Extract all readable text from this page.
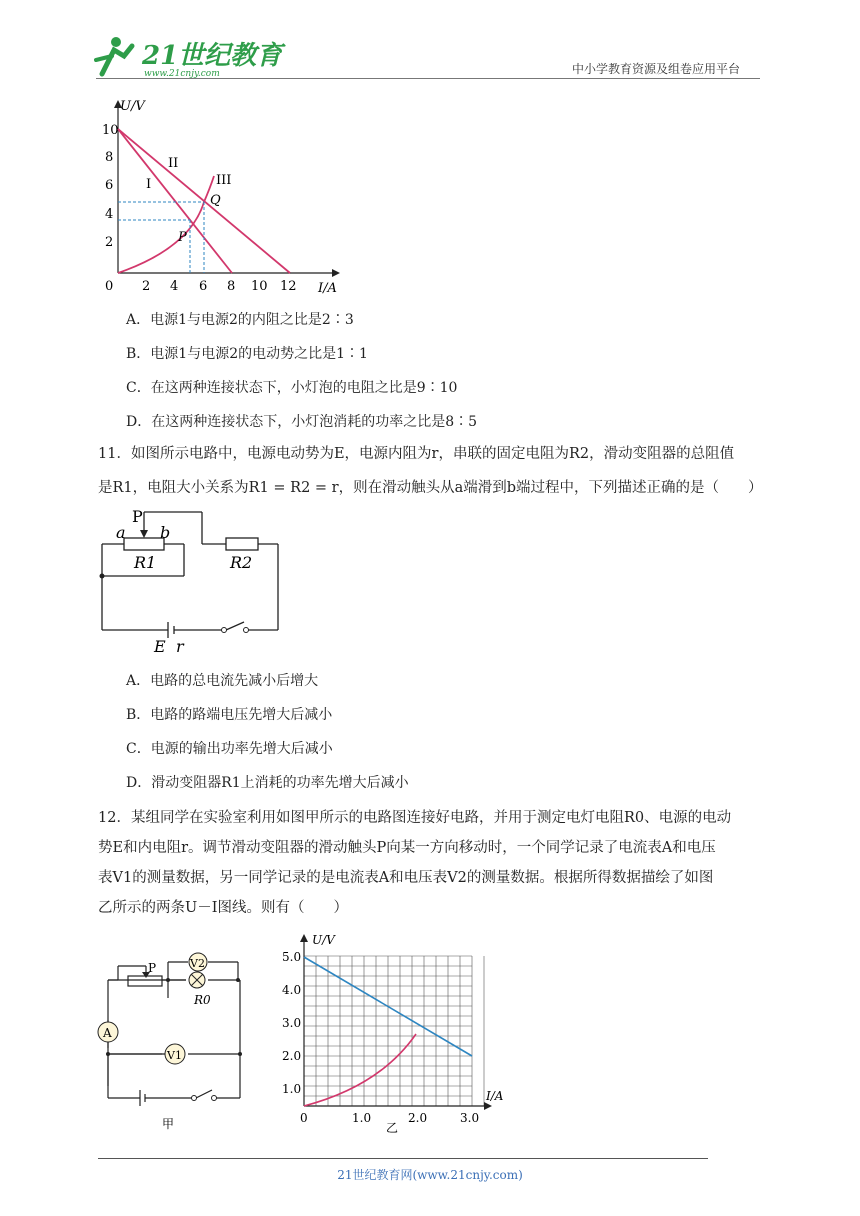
21世纪教育
www.21cnjy.com	中小学教育资源及组卷应用平台
U/V
I/A
10
8
6
4
2
0 2 4 6 8 10 12
I
II
III
Q
P
A．电源1与电源2的内阻之比是2∶3
B．电源1与电源2的电动势之比是1∶1
C．在这两种连接状态下，小灯泡的电阻之比是9∶10
D．在这两种连接状态下，小灯泡消耗的功率之比是8∶5
11．如图所示电路中，电源电动势为E，电源内阻为r，串联的固定电阻为R2，滑动变阻器的总阻值
是R1，电阻大小关系为R1 = R2 = r，则在滑动触头从a端滑到b端过程中，下列描述正确的是（　　）
P
a b
R1	R2
E r
A．电路的总电流先减小后增大
B．电路的路端电压先增大后减小
C．电源的输出功率先增大后减小
D．滑动变阻器R1上消耗的功率先增大后减小
12．某组同学在实验室利用如图甲所示的电路图连接好电路，并用于测定电灯电阻R0、电源的电动
势E和内电阻r。调节滑动变阻器的滑动触头P向某一方向移动时，一个同学记录了电流表A和电压
表V1的测量数据，另一同学记录的是电流表A和电压表V2的测量数据。根据所得数据描绘了如图
乙所示的两条U－I图线。则有（　　）
A
V2
V1
P
R0
甲
U/V
I/A
5.0
4.0
3.0
2.0
1.0
0	1.0	2.0	3.0
乙
21世纪教育网(www.21cnjy.com)
